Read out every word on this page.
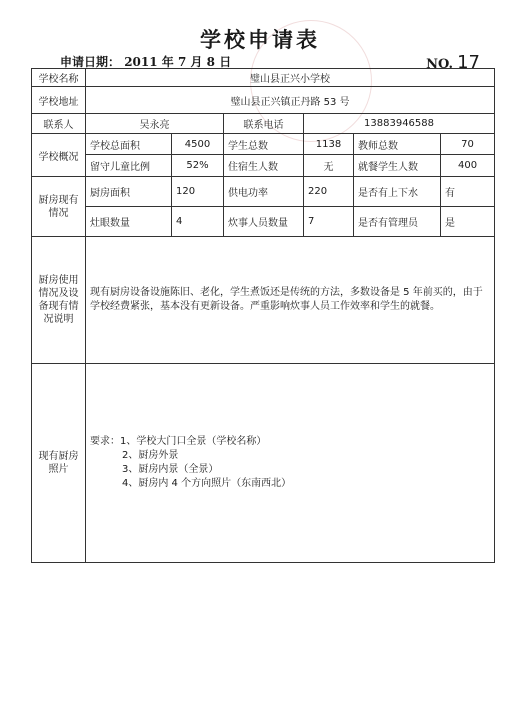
学校申请表
申请日期： 2011 年 7 月 8 日	NO. 17
学校名称	璧山县正兴小学校					
学校地址	璧山县正兴镇正丹路 53 号					
联系人	吴永亮		联系电话	13883946588		
学校概况	学校总面积	4500	学生总数	1138	教师总数	70
	留守儿童比例	52%	住宿生人数	无	就餐学生人数	400
厨房现有情况	厨房面积	120	供电功率	220	是否有上下水	有
	灶眼数量	4	炊事人员数量	7	是否有管理员	是
厨房使用情况及设备现有情况说明	现有厨房设备设施陈旧、老化，学生煮饭还是传统的方法，多数设备是 5 年前买的，由于学校经费紧张，基本没有更新设备。严重影响炊事人员工作效率和学生的就餐。					
现有厨房照片	要求：1、学校大门口全景（学校名称）
2、厨房外景
3、厨房内景（全景）
4、厨房内 4 个方向照片（东南西北）					
